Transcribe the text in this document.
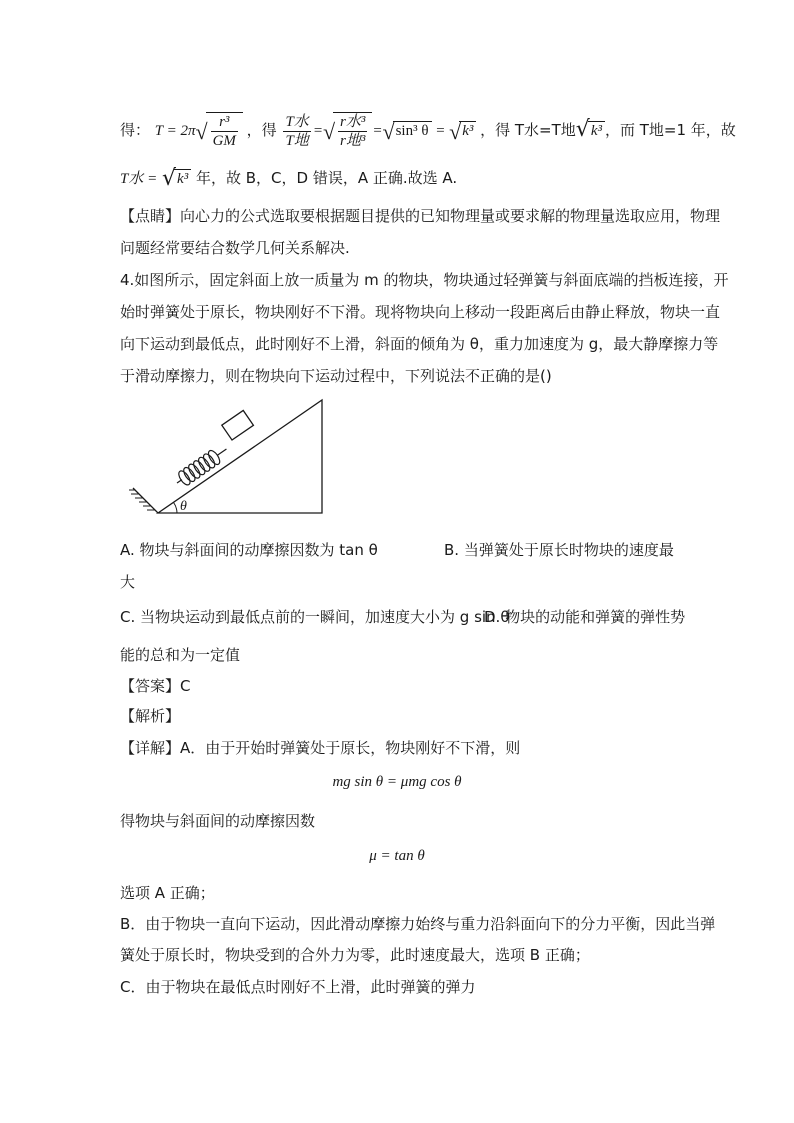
得： $T = 2\pi√ \frac{\text{r³}}{GM}$ ，得 $\frac{\text{T水}}{\text{T地}}$ =√ $\frac{\text{r水³}}{\text{r地³}} =√\sin^3$ θ = √k³ ，得 T水=T地√k³ ，而 T地=1 年，故
T水 = √k³ 年，故 B，C，D 错误，A 正确.故选 A.
【点睛】向心力的公式选取要根据题目提供的已知物理量或要求解的物理量选取应用，物理
问题经常要结合数学几何关系解决.
4.如图所示，固定斜面上放一质量为 m 的物块，物块通过轻弹簧与斜面底端的挡板连接，开
始时弹簧处于原长，物块刚好不下滑。现将物块向上移动一段距离后由静止释放，物块一直
向下运动到最低点，此时刚好不上滑，斜面的倾角为 θ，重力加速度为 g，最大静摩擦力等
于滑动摩擦力，则在物块向下运动过程中，下列说法不正确的是()
θ
A. 物块与斜面间的动摩擦因数为 tan θ	B. 当弹簧处于原长时物块的速度最
大
C. 当物块运动到最低点前的一瞬间，加速度大小为 g sin θ
D. 物块的动能和弹簧的弹性势
能的总和为一定值
【答案】C
【解析】
【详解】A．由于开始时弹簧处于原长，物块刚好不下滑，则
mg sin θ = μmg cos θ
得物块与斜面间的动摩擦因数
μ = tan θ
选项 A 正确；
B．由于物块一直向下运动，因此滑动摩擦力始终与重力沿斜面向下的分力平衡，因此当弹
簧处于原长时，物块受到的合外力为零，此时速度最大，选项 B 正确；
C．由于物块在最低点时刚好不上滑，此时弹簧的弹力
